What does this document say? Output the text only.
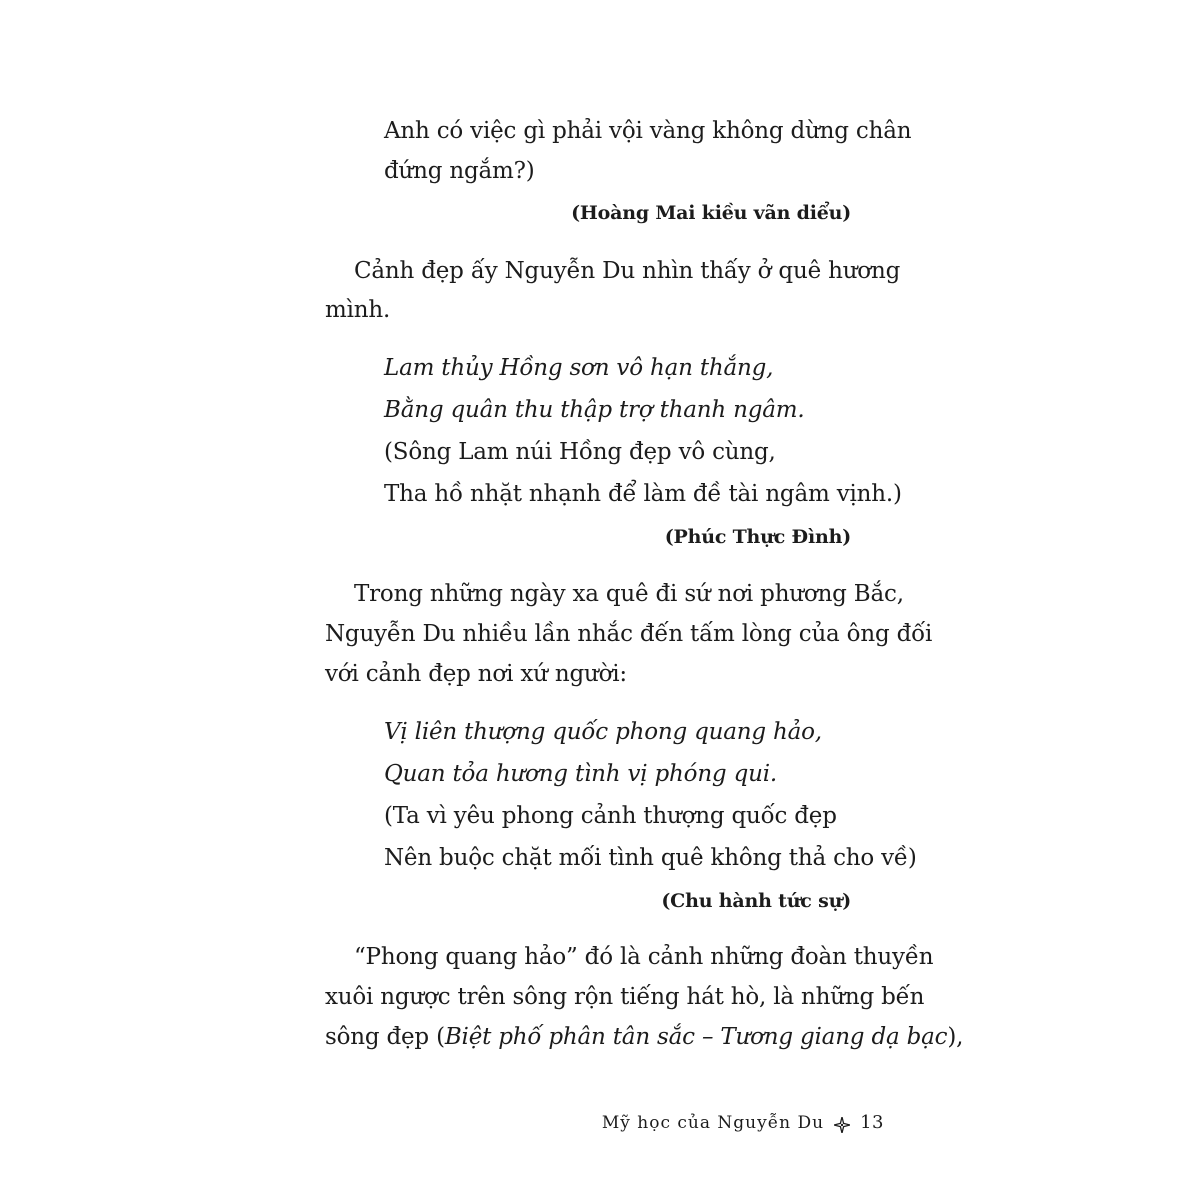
Anh có việc gì phải vội vàng không dừng chân
đứng ngắm?)
(Hoàng Mai kiều vãn diểu)
Cảnh đẹp ấy Nguyễn Du nhìn thấy ở quê hương
mình.
Lam thủy Hồng sơn vô hạn thắng,
Bằng quân thu thập trợ thanh ngâm.
(Sông Lam núi Hồng đẹp vô cùng,
Tha hồ nhặt nhạnh để làm đề tài ngâm vịnh.)
(Phúc Thực Đình)
Trong những ngày xa quê đi sứ nơi phương Bắc,
Nguyễn Du nhiều lần nhắc đến tấm lòng của ông đối
với cảnh đẹp nơi xứ người:
Vị liên thượng quốc phong quang hảo,
Quan tỏa hương tình vị phóng qui.
(Ta vì yêu phong cảnh thượng quốc đẹp
Nên buộc chặt mối tình quê không thả cho về)
(Chu hành tức sự)
“Phong quang hảo” đó là cảnh những đoàn thuyền
xuôi ngược trên sông rộn tiếng hát hò, là những bến
sông đẹp (Biệt phố phân tân sắc – Tương giang dạ bạc),
Mỹ học của Nguyễn Du 13
